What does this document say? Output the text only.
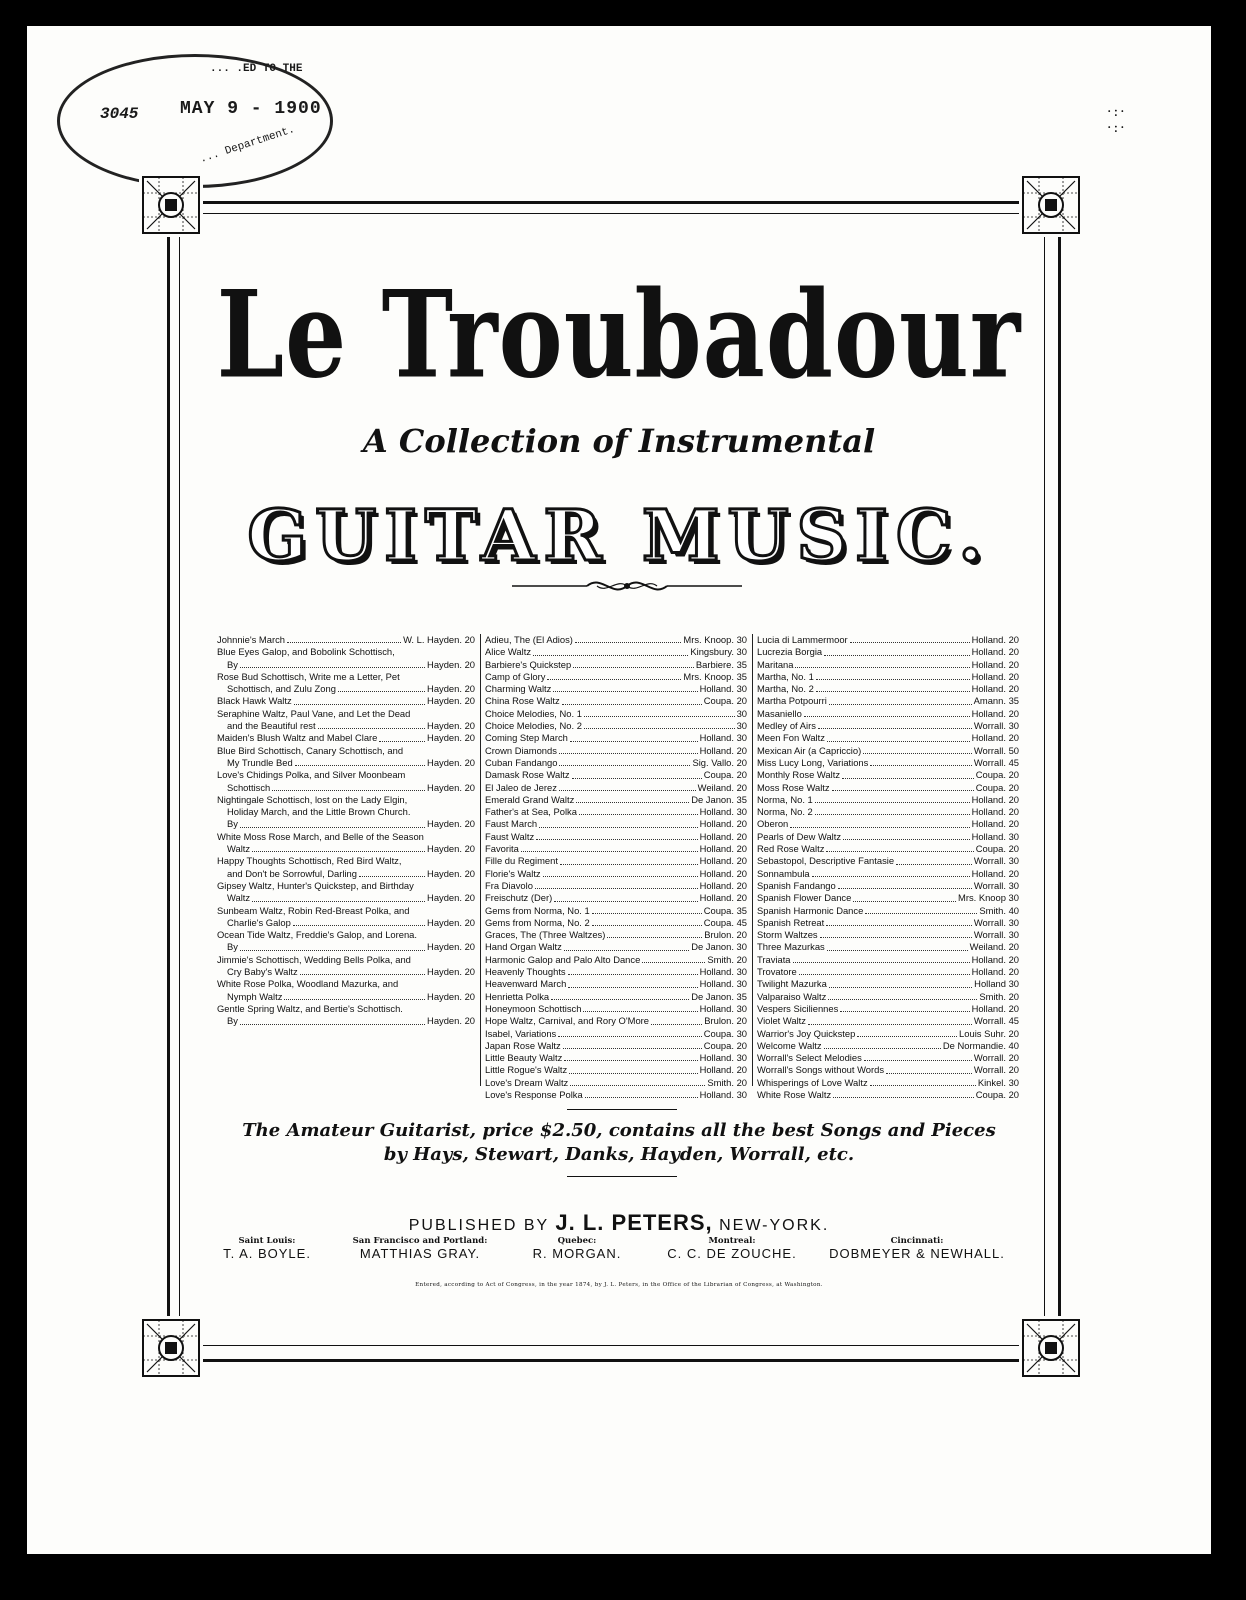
... .ED TO THE
3045 MAY 9 - 1900
... Department.
·:·
·:·
Le Troubadour
A Collection of Instrumental
GUITAR MUSIC.
Johnnie's March	W. L. Hayden. 20
Blue Eyes Galop, and Bobolink Schottisch,
By	Hayden. 20
Rose Bud Schottisch, Write me a Letter, Pet
Schottisch, and Zulu Zong	Hayden. 20
Black Hawk Waltz	Hayden. 20
Seraphine Waltz, Paul Vane, and Let the Dead
and the Beautiful rest	Hayden. 20
Maiden's Blush Waltz and Mabel Clare	Hayden. 20
Blue Bird Schottisch, Canary Schottisch, and
My Trundle Bed	Hayden. 20
Love's Chidings Polka, and Silver Moonbeam
Schottisch	Hayden. 20
Nightingale Schottisch, lost on the Lady Elgin,
Holiday March, and the Little Brown Church.
By	Hayden. 20
White Moss Rose March, and Belle of the Season
Waltz	Hayden. 20
Happy Thoughts Schottisch, Red Bird Waltz,
and Don't be Sorrowful, Darling	Hayden. 20
Gipsey Waltz, Hunter's Quickstep, and Birthday
Waltz	Hayden. 20
Sunbeam Waltz, Robin Red-Breast Polka, and
Charlie's Galop	Hayden. 20
Ocean Tide Waltz, Freddie's Galop, and Lorena.
By	Hayden. 20
Jimmie's Schottisch, Wedding Bells Polka, and
Cry Baby's Waltz	Hayden. 20
White Rose Polka, Woodland Mazurka, and
Nymph Waltz	Hayden. 20
Gentle Spring Waltz, and Bertie's Schottisch.
By	Hayden. 20
Adieu, The (El Adios)	Mrs. Knoop. 30
Alice Waltz	Kingsbury. 30
Barbiere's Quickstep	Barbiere. 35
Camp of Glory	Mrs. Knoop. 35
Charming Waltz	Holland. 30
China Rose Waltz	Coupa. 20
Choice Melodies, No. 1	30
Choice Melodies, No. 2	30
Coming Step March	Holland. 30
Crown Diamonds	Holland. 20
Cuban Fandango	Sig. Vallo. 20
Damask Rose Waltz	Coupa. 20
El Jaleo de Jerez	Weiland. 20
Emerald Grand Waltz	De Janon. 35
Father's at Sea, Polka	Holland. 30
Faust March	Holland. 20
Faust Waltz	Holland. 20
Favorita	Holland. 20
Fille du Regiment	Holland. 20
Florie's Waltz	Holland. 20
Fra Diavolo	Holland. 20
Freischutz (Der)	Holland. 20
Gems from Norma, No. 1	Coupa. 35
Gems from Norma, No. 2	Coupa. 45
Graces, The (Three Waltzes)	Brulon. 20
Hand Organ Waltz	De Janon. 30
Harmonic Galop and Palo Alto Dance	Smith. 20
Heavenly Thoughts	Holland. 30
Heavenward March	Holland. 30
Henrietta Polka	De Janon. 35
Honeymoon Schottisch	Holland. 30
Hope Waltz, Carnival, and Rory O'More	Brulon. 20
Isabel, Variations	Coupa. 30
Japan Rose Waltz	Coupa. 20
Little Beauty Waltz	Holland. 30
Little Rogue's Waltz	Holland. 20
Love's Dream Waltz	Smith. 20
Love's Response Polka	Holland. 30
Lucia di Lammermoor	Holland. 20
Lucrezia Borgia	Holland. 20
Maritana	Holland. 20
Martha, No. 1	Holland. 20
Martha, No. 2	Holland. 20
Martha Potpourri	Amann. 35
Masaniello	Holland. 20
Medley of Airs	Worrall. 30
Meen Fon Waltz	Holland. 20
Mexican Air (a Capriccio)	Worrall. 50
Miss Lucy Long, Variations	Worrall. 45
Monthly Rose Waltz	Coupa. 20
Moss Rose Waltz	Coupa. 20
Norma, No. 1	Holland. 20
Norma, No. 2	Holland. 20
Oberon	Holland. 20
Pearls of Dew Waltz	Holland. 30
Red Rose Waltz	Coupa. 20
Sebastopol, Descriptive Fantasie	Worrall. 30
Sonnambula	Holland. 20
Spanish Fandango	Worrall. 30
Spanish Flower Dance	Mrs. Knoop 30
Spanish Harmonic Dance	Smith. 40
Spanish Retreat	Worrall. 30
Storm Waltzes	Worrall. 30
Three Mazurkas	Weiland. 20
Traviata	Holland. 20
Trovatore	Holland. 20
Twilight Mazurka	Holland 30
Valparaiso Waltz	Smith. 20
Vespers Siciliennes	Holland. 20
Violet Waltz	Worrall. 45
Warrior's Joy Quickstep	Louis Suhr. 20
Welcome Waltz	De Normandie. 40
Worrall's Select Melodies	Worrall. 20
Worrall's Songs without Words	Worrall. 20
Whisperings of Love Waltz	Kinkel. 30
White Rose Waltz	Coupa. 20
The Amateur Guitarist, price $2.50, contains all the best Songs and Pieces
by Hays, Stewart, Danks, Hayden, Worrall, etc.
PUBLISHED BY J. L. PETERS, NEW-YORK.
Saint Louis:
T. A. BOYLE.
San Francisco and Portland:
MATTHIAS GRAY.
Quebec:
R. MORGAN.
Montreal:
C. C. DE ZOUCHE.
Cincinnati:
DOBMEYER & NEWHALL.
Entered, according to Act of Congress, in the year 1874, by J. L. Peters, in the Office of the Librarian of Congress, at Washington.
